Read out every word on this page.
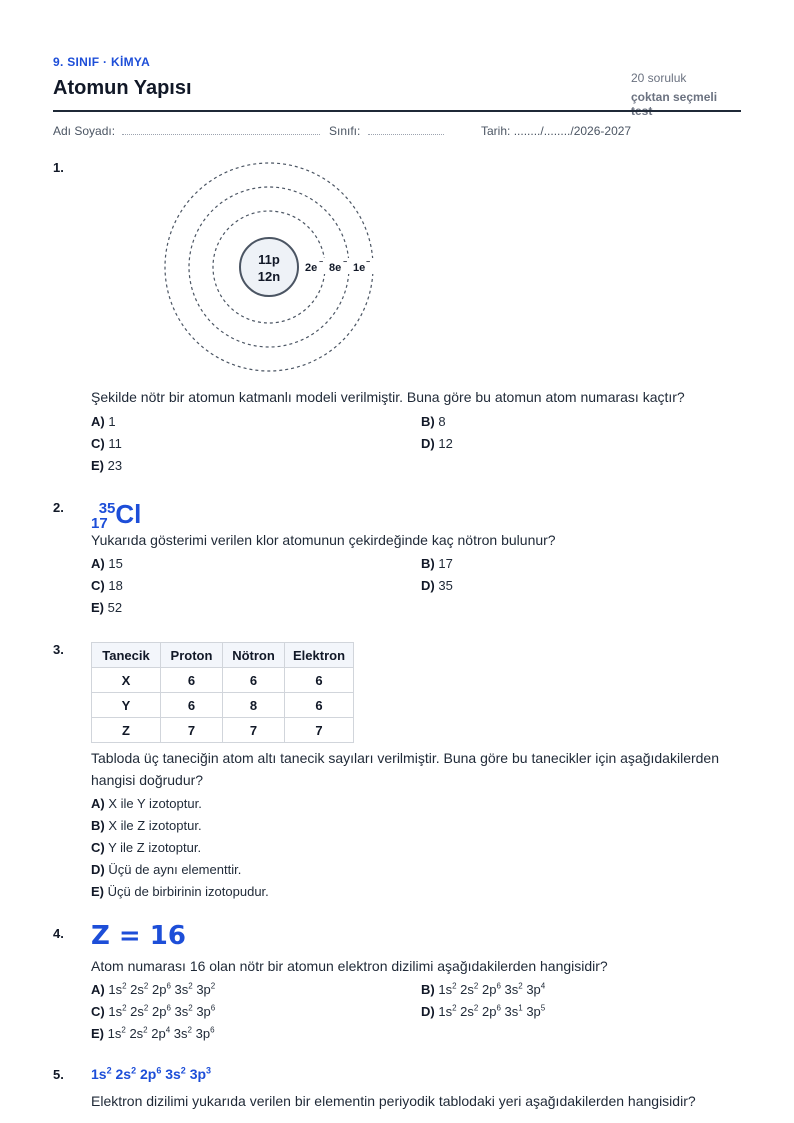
9. SINIF · KİMYA
Atomun Yapısı	20 soruluk
çoktan seçmeli
Adı Soyadı:	Sınıfı:	Tarih: ......../......../2026-2027
1.
11p
12n
2e − 8e − 1e −
Şekilde nötr bir atomun katmanlı modeli verilmiştir. Buna göre bu atomun atom numarası kaçtır?
A) 1	B) 8
C) 11	D) 12
E) 23
2.
$_{17}^{35}$Cl
Yukarıda gösterimi verilen klor atomunun çekirdeğinde kaç nötron bulunur?
A) 15	B) 17
C) 18	D) 35
E) 52
3.	Tanecik	Proton	Nötron	Elektron
X	6	6	6
Y	6	8	6
Z	7	7	7
Tabloda üç taneciğin atom altı tanecik sayıları verilmiştir. Buna göre bu tanecikler için aşağıdakilerden hangisi doğrudur?
A) X ile Y izotoptur.
B) X ile Z izotoptur.
C) Y ile Z izotoptur.
D) Üçü de aynı elementtir.
E) Üçü de birbirinin izotopudur.
4. Z = 16
Atom numarası 16 olan nötr bir atomun elektron dizilimi aşağıdakilerden hangisidir?
A) $1s^2$ $2s^2$ $2p^6$ $3s^2$ $3p^2$	B) $1s^2$ $2s^2$ $2p^6$ $3s^2$ $3p^4$
C) $1s^2$ $2s^2$ $2p^6$ $3s^2$ $3p^6$	D) $1s^2$ $2s^2$ $2p^6$ $3s^1$ $3p^5$
E) $1s^2$ $2s^2$ $2p^4$ $3s^2$ $3p^6$
5. $1s^2$ $2s^2$ $2p^6$ $3s^2$ $3p^3$
Elektron dizilimi yukarıda verilen bir elementin periyodik tablodaki yeri aşağıdakilerden hangisidir?
